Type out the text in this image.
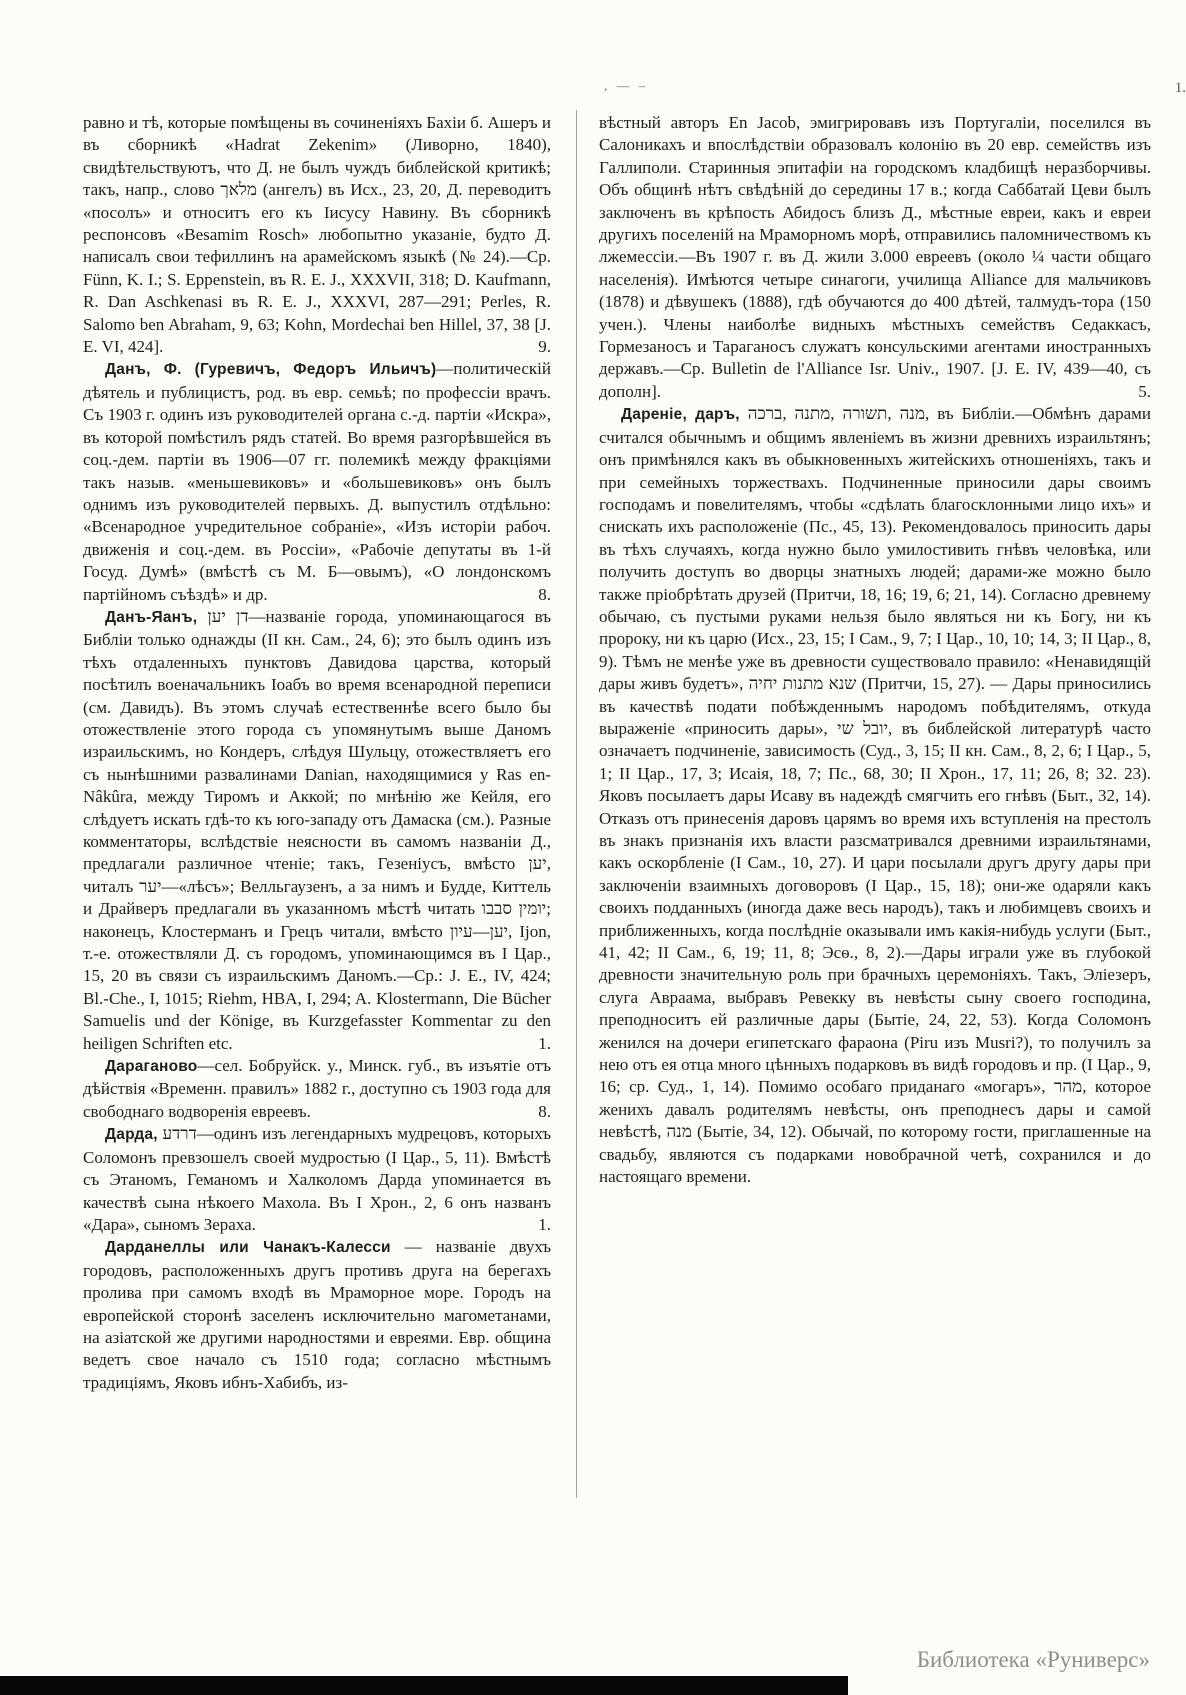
, — –	1.

равно и тѣ, которые помѣщены въ сочиненіяхъ Бахіи б. Ашеръ и въ сборникѣ «Hadrat Zekenim» (Ливорно, 1840), свидѣтельствуютъ, что Д. не былъ чуждъ библейской критикѣ; такъ, напр., слово מלאך (ангелъ) въ Исх., 23, 20, Д. переводитъ «посолъ» и относитъ его къ Іисусу Навину. Въ сборникѣ респонсовъ «Besamim Rosch» любопытно указаніе, будто Д. написалъ свои тефиллинъ на арамейскомъ языкѣ (№ 24).—Ср. Fünn, K. I.; S. Eppenstein, въ R. E. J., XXXVII, 318; D. Kaufmann, R. Dan Aschkenasi въ R. E. J., XXXVI, 287—291; Perles, R. Salomo ben Abraham, 9, 63; Kohn, Mordechai ben Hillel, 37, 38 [J. E. VI, 424].	9.

Данъ, Ф. (Гуревичъ, Федоръ Ильичъ)—политическій дѣятель и публицистъ, род. въ евр. семьѣ; по профессіи врачъ. Съ 1903 г. одинъ изъ руководителей органа с.-д. партіи «Искра», въ которой помѣстилъ рядъ статей. Во время разгорѣвшейся въ соц.-дем. партіи въ 1906—07 гг. полемикѣ между фракціями такъ назыв. «меньшевиковъ» и «большевиковъ» онъ былъ однимъ изъ руководителей первыхъ. Д. выпустилъ отдѣльно: «Всенародное учредительное собраніе», «Изъ исторіи рабоч. движенія и соц.-дем. въ Россіи», «Рабочіе депутаты въ 1-й Госуд. Думѣ» (вмѣстѣ съ М. Б—овымъ), «О лондонскомъ партійномъ съѣздѣ» и др.	8.

Данъ-Яанъ, דן יען—названіе города, упоминающагося въ Библіи только однажды (II кн. Сам., 24, 6); это былъ одинъ изъ тѣхъ отдаленныхъ пунктовъ Давидова царства, который посѣтилъ военачальникъ Іоабъ во время всенародной переписи (см. Давидъ). Въ этомъ случаѣ естественнѣе всего было бы отожествленіе этого города съ упомянутымъ выше Даномъ израильскимъ, но Кондеръ, слѣдуя Шульцу, отожествляетъ его съ нынѣшними развалинами Danian, находящимися у Ras en-Nâkûra, между Тиромъ и Аккой; по мнѣнію же Кейля, его слѣдуетъ искать гдѣ-то къ юго-западу отъ Дамаска (см.). Разные комментаторы, вслѣдствіе неясности въ самомъ названіи Д., предлагали различное чтеніе; такъ, Гезеніусъ, вмѣсто יען, читалъ יער—«лѣсъ»; Велльгаузенъ, а за нимъ и Будде, Киттель и Драйверъ предлагали въ указанномъ мѣстѣ читать יומין סבבו; наконецъ, Клостерманъ и Грецъ читали, вмѣсто יען—עיון, Ijon, т.-е. отожествляли Д. съ городомъ, упоминающимся въ I Цар., 15, 20 въ связи съ израильскимъ Даномъ.—Ср.: J. E., IV, 424; Bl.-Che., I, 1015; Riehm, HBA, I, 294; A. Klostermann, Die Bücher Samuelis und der Könige, въ Kurzgefasster Kommentar zu den heiligen Schriften etc.	1.

Дараганово—сел. Бобруйск. у., Минск. губ., въ изъятіе отъ дѣйствія «Временн. правилъ» 1882 г., доступно съ 1903 года для свободнаго водворенія евреевъ.	8.

Дарда, דרדע—одинъ изъ легендарныхъ мудрецовъ, которыхъ Соломонъ превзошелъ своей мудростью (I Цар., 5, 11). Вмѣстѣ съ Этаномъ, Геманомъ и Халколомъ Дарда упоминается въ качествѣ сына нѣкоего Махола. Въ I Хрон., 2, 6 онъ названъ «Дара», сыномъ Зераха.	1.

Дарданеллы или Чанакъ-Калесси — названіе двухъ городовъ, расположенныхъ другъ противъ друга на берегахъ пролива при самомъ входѣ въ Мраморное море. Городъ на европейской сторонѣ заселенъ исключительно магометанами, на азіатской же другими народностями и евреями. Евр. община ведетъ свое начало съ 1510 года; согласно мѣстнымъ традиціямъ, Яковъ ибнъ-Хабибъ, из-

вѣстный авторъ En Jacob, эмигрировавъ изъ Португаліи, поселился въ Салоникахъ и впослѣдствіи образовалъ колонію въ 20 евр. семействъ изъ Галлиполи. Старинныя эпитафіи на городскомъ кладбищѣ неразборчивы. Объ общинѣ нѣтъ свѣдѣній до середины 17 в.; когда Саббатай Цеви былъ заключенъ въ крѣпость Абидосъ близъ Д., мѣстные евреи, какъ и евреи другихъ поселеній на Мраморномъ морѣ, отправились паломничествомъ къ лжемессіи.—Въ 1907 г. въ Д. жили 3.000 евреевъ (около ¼ части общаго населенія). Имѣются четыре синагоги, училища Alliance для мальчиковъ (1878) и дѣвушекъ (1888), гдѣ обучаются до 400 дѣтей, талмудъ-тора (150 учен.). Члены наиболѣе видныхъ мѣстныхъ семействъ Седаккасъ, Гормезаносъ и Тараганосъ служатъ консульскими агентами иностранныхъ державъ.—Ср. Bulletin de l'Alliance Isr. Univ., 1907. [J. E. IV, 439—40, съ дополн].	5.

Дареніе, даръ, מנה ,תשורה ,מתנה ,ברכה, въ Библіи.—Обмѣнъ дарами считался обычнымъ и общимъ явленіемъ въ жизни древнихъ израильтянъ; онъ примѣнялся какъ въ обыкновенныхъ житейскихъ отношеніяхъ, такъ и при семейныхъ торжествахъ. Подчиненные приносили дары своимъ господамъ и повелителямъ, чтобы «сдѣлать благосклонными лицо ихъ» и снискать ихъ расположеніе (Пс., 45, 13). Рекомендовалось приносить дары въ тѣхъ случаяхъ, когда нужно было умилостивить гнѣвъ человѣка, или получить доступъ во дворцы знатныхъ людей; дарами-же можно было также пріобрѣтать друзей (Притчи, 18, 16; 19, 6; 21, 14). Согласно древнему обычаю, съ пустыми руками нельзя было являться ни къ Богу, ни къ пророку, ни къ царю (Исх., 23, 15; I Сам., 9, 7; I Цар., 10, 10; 14, 3; II Цар., 8, 9). Тѣмъ не менѣе уже въ древности существовало правило: «Ненавидящій дары живъ будетъ», שנא מתנות יחיה (Притчи, 15, 27). — Дары приносились въ качествѣ подати побѣжденнымъ народомъ побѣдителямъ, откуда выраженіе «приносить дары», יובל שי, въ библейской литературѣ часто означаетъ подчиненіе, зависимость (Суд., 3, 15; II кн. Сам., 8, 2, 6; I Цар., 5, 1; II Цар., 17, 3; Исаія, 18, 7; Пс., 68, 30; II Хрон., 17, 11; 26, 8; 32. 23). Яковъ посылаетъ дары Исаву въ надеждѣ смягчить его гнѣвъ (Быт., 32, 14). Отказъ отъ принесенія даровъ царямъ во время ихъ вступленія на престолъ въ знакъ признанія ихъ власти разсматривался древними израильтянами, какъ оскорбленіе (I Сам., 10, 27). И цари посылали другъ другу дары при заключеніи взаимныхъ договоровъ (I Цар., 15, 18); они-же одаряли какъ своихъ подданныхъ (иногда даже весь народъ), такъ и любимцевъ своихъ и приближенныхъ, когда послѣдніе оказывали имъ какія-нибудь услуги (Быт., 41, 42; II Сам., 6, 19; 11, 8; Эсѳ., 8, 2).—Дары играли уже въ глубокой древности значительную роль при брачныхъ церемоніяхъ. Такъ, Эліезеръ, слуга Авраама, выбравъ Ревекку въ невѣсты сыну своего господина, преподноситъ ей различные дары (Бытіе, 24, 22, 53). Когда Соломонъ женился на дочери египетскаго фараона (Piru изъ Musri?), то получилъ за нею отъ ея отца много цѣнныхъ подарковъ въ видѣ городовъ и пр. (I Цар., 9, 16; ср. Суд., 1, 14). Помимо особаго приданаго «могаръ», מהר, которое женихъ давалъ родителямъ невѣсты, онъ преподнесъ дары и самой невѣстѣ, מנה (Бытіе, 34, 12). Обычай, по которому гости, приглашенные на свадьбу, являются съ подарками новобрачной четѣ, сохранился и до настоящаго времени.

Библиотека «Руниверс»
